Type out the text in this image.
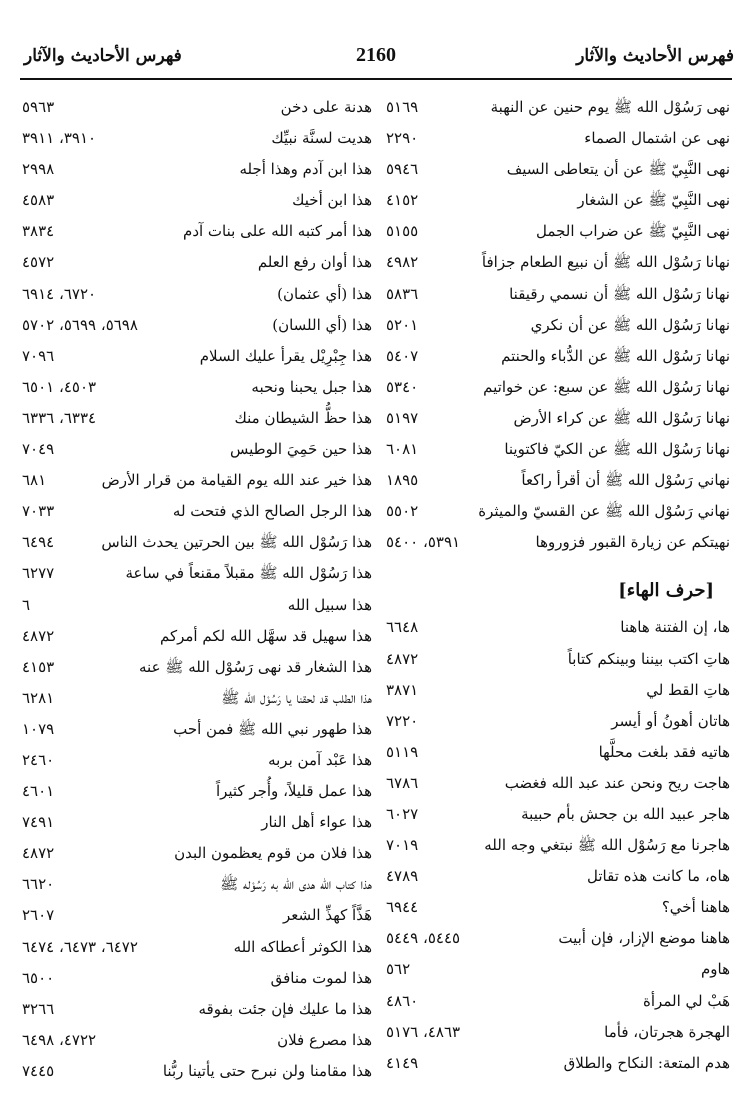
فهرس الأحاديث والآثار	2160	فهرس الأحاديث والآثار
نهى رَسُوْل الله ﷺ يوم حنين عن النهبة
٥١٦٩
نهى عن اشتمال الصماء
٢٢٩٠
نهى النَّبِيّ ﷺ عن أن يتعاطى السيف
٥٩٤٦
نهى النَّبِيّ ﷺ عن الشغار
٤١٥٢
نهى النَّبِيّ ﷺ عن ضراب الجمل
٥١٥٥
نهانا رَسُوْل الله ﷺ أن نبيع الطعام جزافاً
٤٩٨٢
نهانا رَسُوْل الله ﷺ أن نسمي رقيقنا
٥٨٣٦
نهانا رَسُوْل الله ﷺ عن أن نكري
٥٢٠١
نهانا رَسُوْل الله ﷺ عن الدُّباء والحنتم
٥٤٠٧
نهانا رَسُوْل الله ﷺ عن سبع: عن خواتيم
٥٣٤٠
نهانا رَسُوْل الله ﷺ عن كراء الأرض
٥١٩٧
نهانا رَسُوْل الله ﷺ عن الكيّ فاكتوينا
٦٠٨١
نهاني رَسُوْل الله ﷺ أن أقرأ راكعاً
١٨٩٥
نهاني رَسُوْل الله ﷺ عن القسيّ والميثرة
٥٥٠٢
نهيتكم عن زيارة القبور فزوروها
٥٣٩١، ٥٤٠٠
[حرف الهاء]
ها، إن الفتنة هاهنا
٦٦٤٨
هاتِ اكتب بيننا وبينكم كتاباً
٤٨٧٢
هاتِ القط لي
٣٨٧١
هاتان أهونُ أو أيسر
٧٢٢٠
هاتيه فقد بلغت محلَّها
٥١١٩
هاجت ريح ونحن عند عبد الله فغضب
٦٧٨٦
هاجر عبيد الله بن جحش بأم حبيبة
٦٠٢٧
هاجرنا مع رَسُوْل الله ﷺ نبتغي وجه الله
٧٠١٩
هاه، ما كانت هذه تقاتل
٤٧٨٩
هاهنا أخي؟
٦٩٤٤
هاهنا موضع الإزار، فإن أبيت
٥٤٤٥، ٥٤٤٩
هاوم
٥٦٢
هَبْ لي المرأة
٤٨٦٠
الهجرة هجرتان، فأما
٤٨٦٣، ٥١٧٦
هدم المتعة: النكاح والطلاق
٤١٤٩
هدنة على دخن
٥٩٦٣
هديت لسنَّة نبيِّك
٣٩١٠، ٣٩١١
هذا ابن آدم وهذا أجله
٢٩٩٨
هذا ابن أخيك
٤٥٨٣
هذا أمر كتبه الله على بنات آدم
٣٨٣٤
هذا أوان رفع العلم
٤٥٧٢
هذا (أي عثمان)
٦٧٢٠، ٦٩١٤
هذا (أي اللسان)
٥٦٩٨، ٥٦٩٩، ٥٧٠٢
هذا جِبْرِيْل يقرأ عليك السلام
٧٠٩٦
هذا جبل يحبنا ونحبه
٤٥٠٣، ٦٥٠١
هذا حظُّ الشيطان منك
٦٣٣٤، ٦٣٣٦
هذا حين حَمِيَ الوطيس
٧٠٤٩
هذا خير عند الله يوم القيامة من قرار الأرض
٦٨١
هذا الرجل الصالح الذي فتحت له
٧٠٣٣
هذا رَسُوْل الله ﷺ بين الحرتين يحدث الناس
٦٤٩٤
هذا رَسُوْل الله ﷺ مقبلاً مقنعاً في ساعة
٦٢٧٧
هذا سبيل الله
٦
هذا سهيل قد سهَّل الله لكم أمركم
٤٨٧٢
هذا الشغار قد نهى رَسُوْل الله ﷺ عنه
٤١٥٣
هذا الطلب قد لحقنا يا رَسُوْل الله ﷺ
٦٢٨١
هذا طهور نبي الله ﷺ فمن أحب
١٠٧٩
هذا عَبْد آمن بربه
٢٤٦٠
هذا عمل قليلاً، وأُجر كثيراً
٤٦٠١
هذا عواء أهل النار
٧٤٩١
هذا فلان من قوم يعظمون البدن
٤٨٧٢
هذا كتاب الله هدى الله به رَسُوْله ﷺ
٦٦٢٠
هَذَّاً كهذِّ الشعر
٢٦٠٧
هذا الكوثر أعطاكه الله
٦٤٧٢، ٦٤٧٣، ٦٤٧٤
هذا لموت منافق
٦٥٠٠
هذا ما عليك فإن جئت بفوقه
٣٢٦٦
هذا مصرع فلان
٤٧٢٢، ٦٤٩٨
هذا مقامنا ولن نبرح حتى يأتينا ربُّنا
٧٤٤٥
